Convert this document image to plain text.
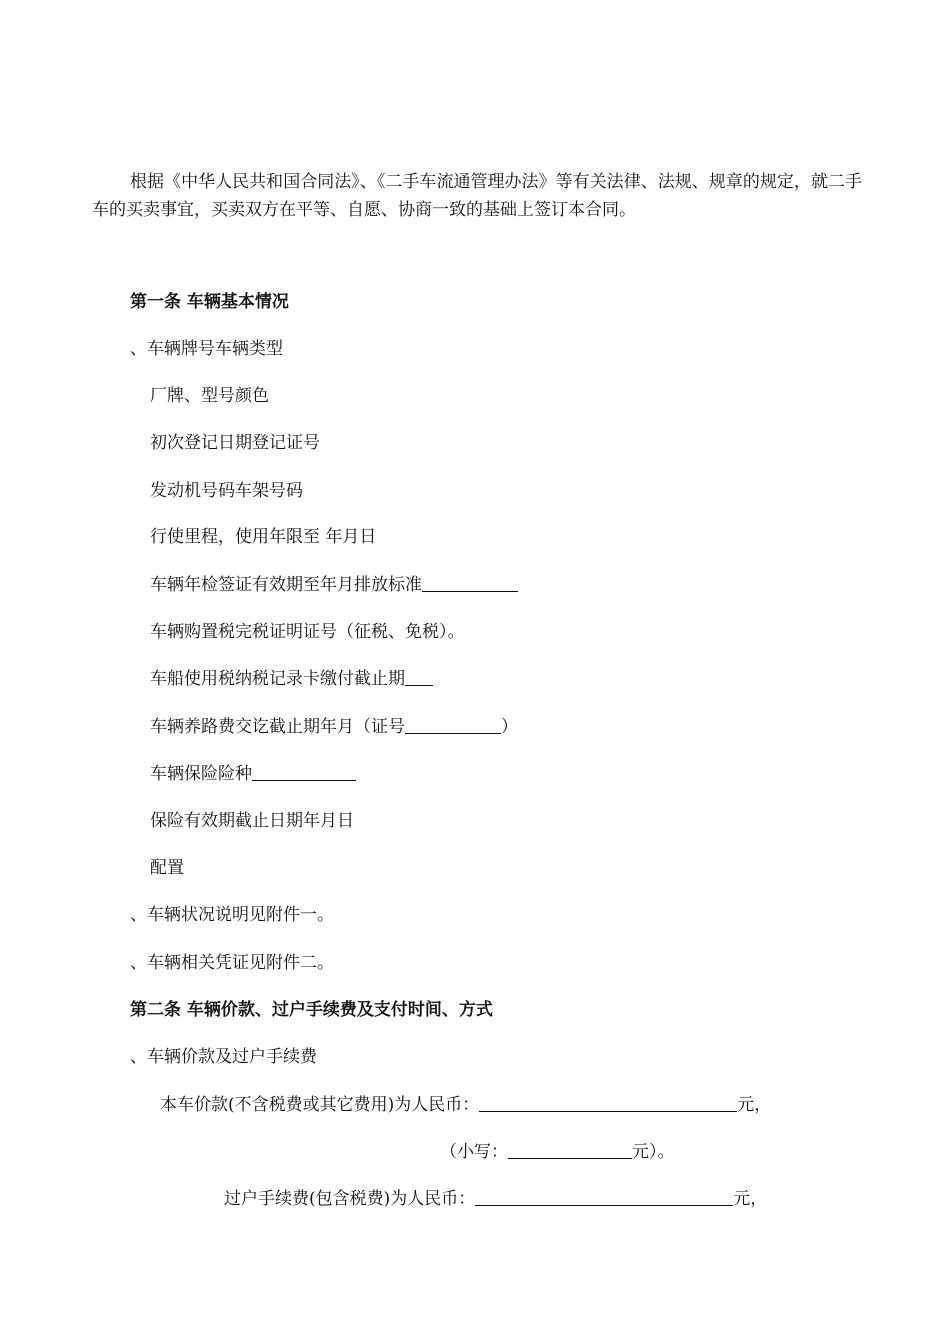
根据《中华人民共和国合同法》、《二手车流通管理办法》等有关法律、法规、规章的规定，就二手车的买卖事宜，买卖双方在平等、自愿、协商一致的基础上签订本合同。
第一条 车辆基本情况
、车辆牌号车辆类型
厂牌、型号颜色
初次登记日期登记证号
发动机号码车架号码
行使里程，使用年限至 年月日
车辆年检签证有效期至年月排放标准
车辆购置税完税证明证号（征税、免税）。
车船使用税纳税记录卡缴付截止期
车辆养路费交讫截止期年月（证号	）
车辆保险险种
保险有效期截止日期年月日
配置
、车辆状况说明见附件一。
、车辆相关凭证见附件二。
第二条 车辆价款、过户手续费及支付时间、方式
、车辆价款及过户手续费
本车价款(不含税费或其它费用)为人民币：	元，
（小写：	元）。
过户手续费(包含税费)为人民币：	元，
